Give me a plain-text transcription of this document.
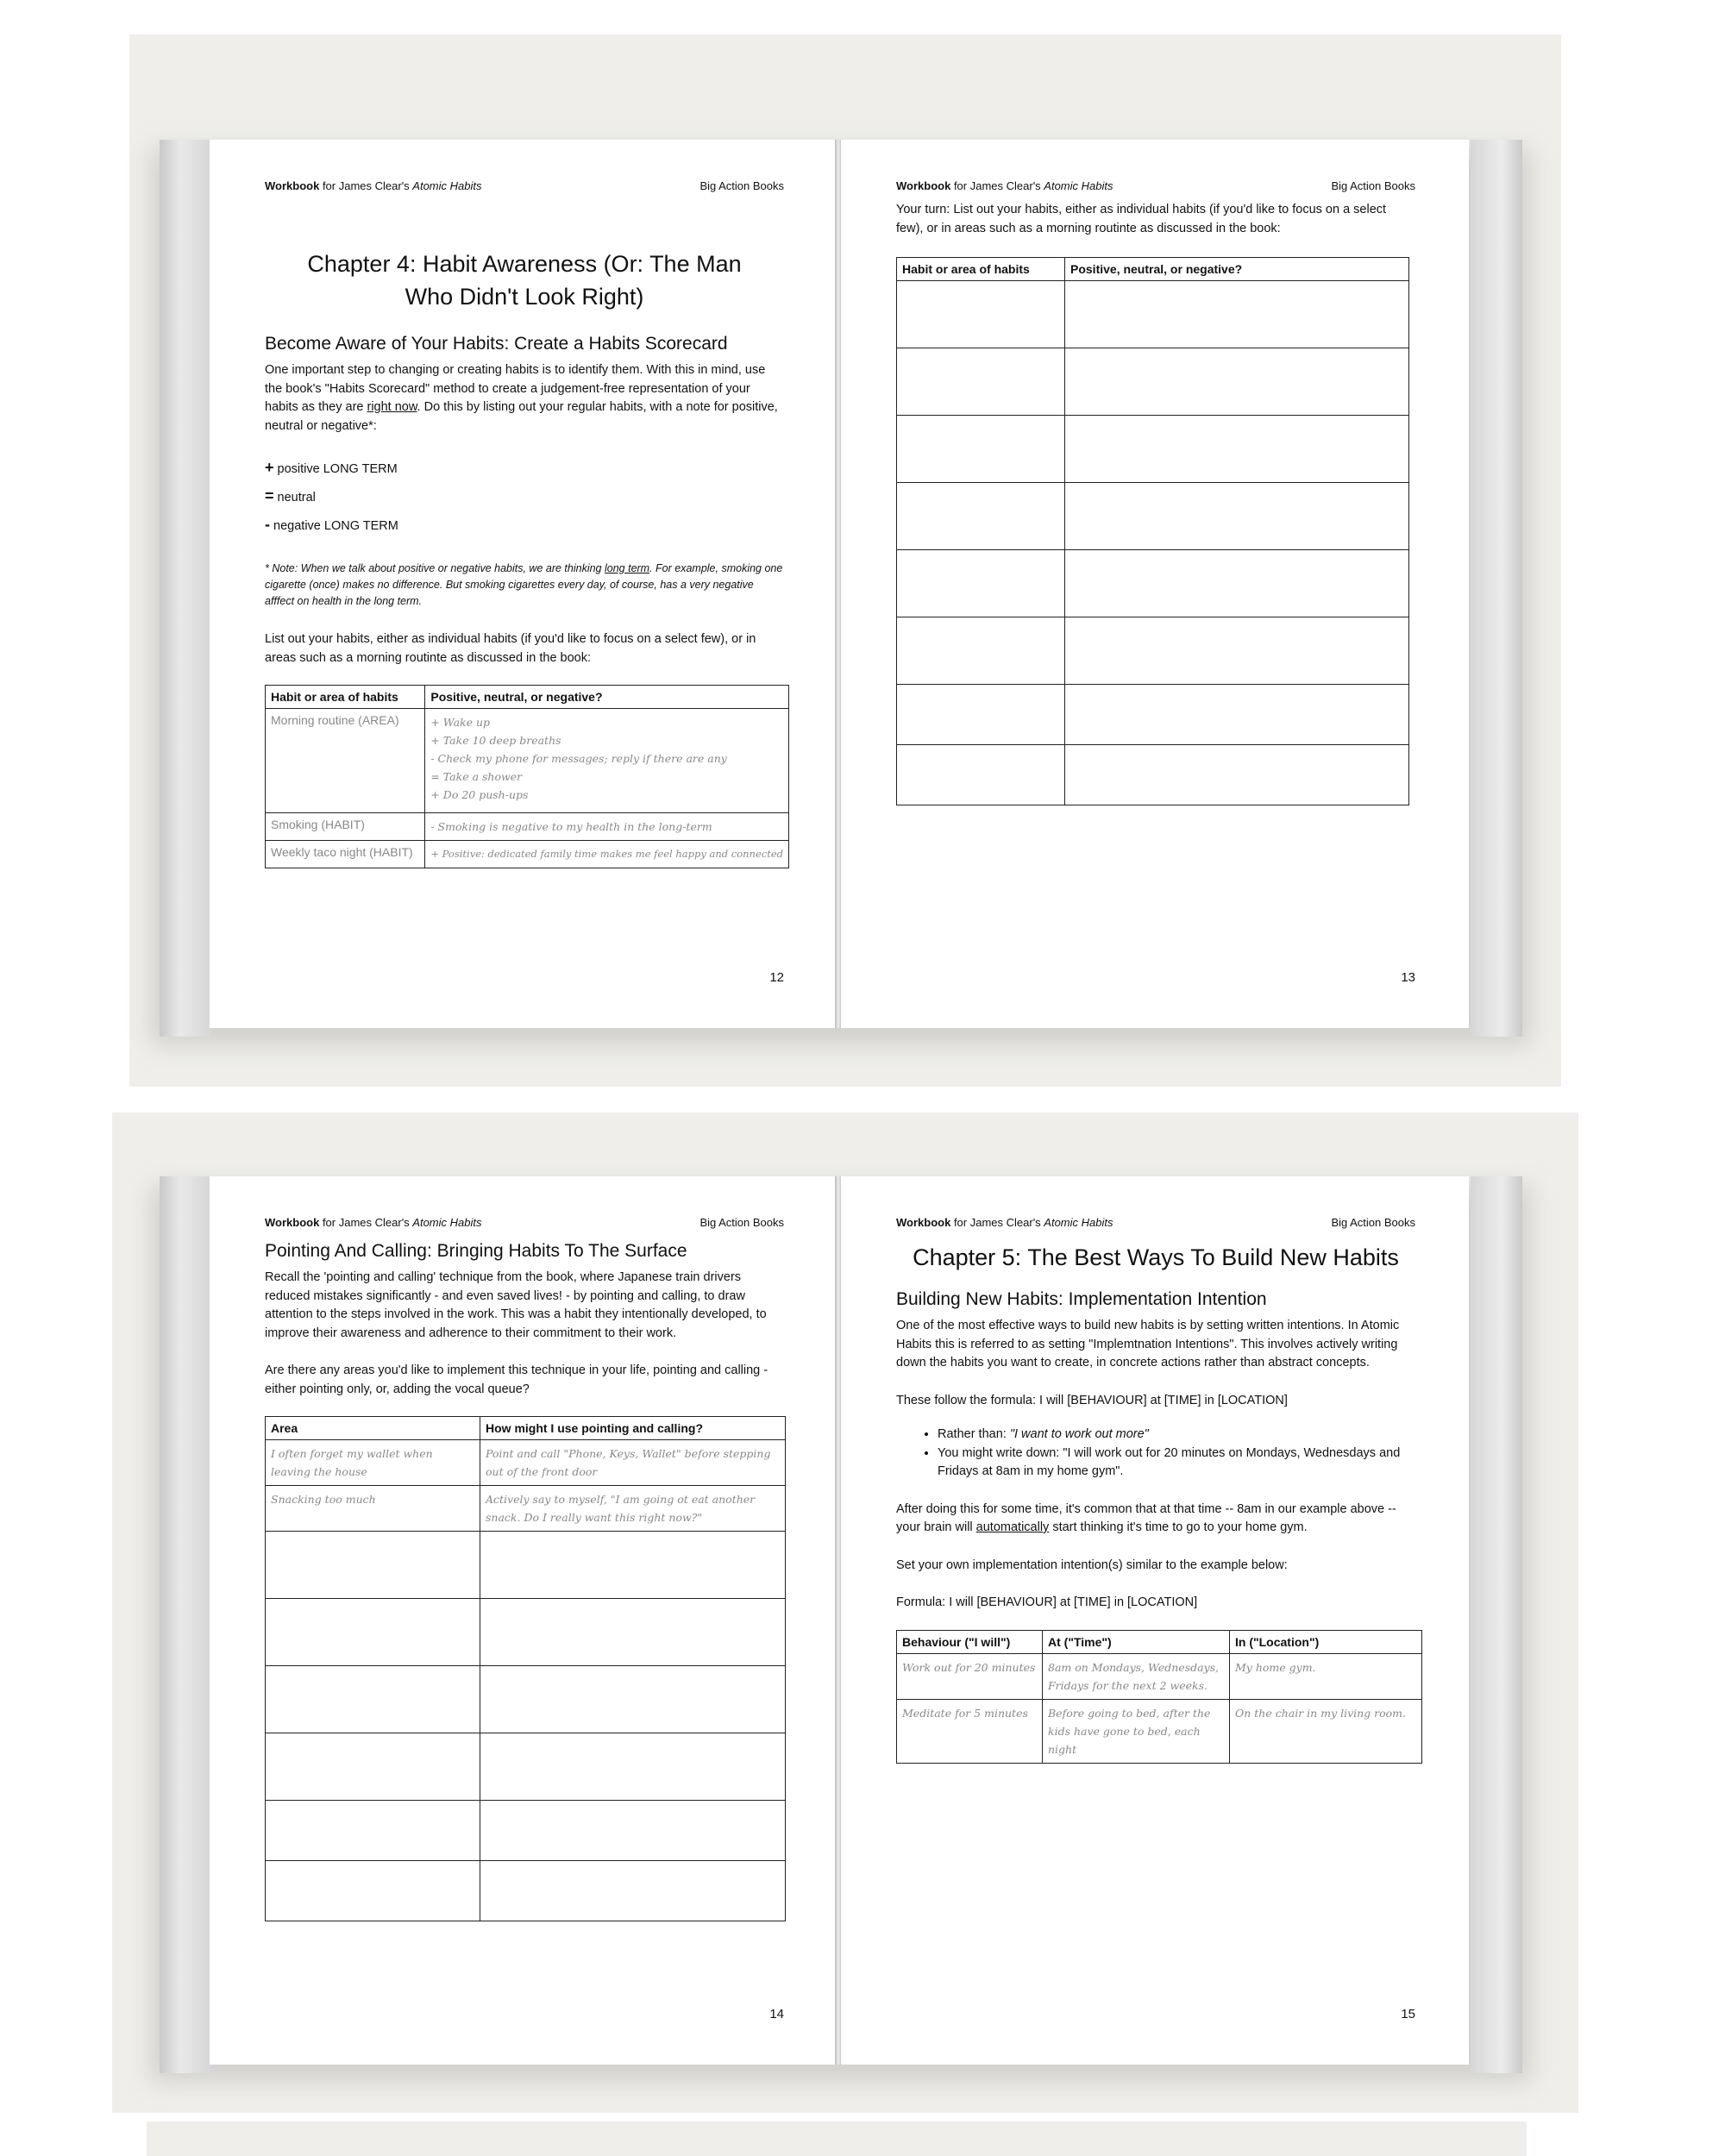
Workbook for James Clear's Atomic Habits	Big Action Books
Chapter 4: Habit Awareness (Or: The Man Who Didn't Look Right)
Become Aware of Your Habits: Create a Habits Scorecard

One important step to changing or creating habits is to identify them. With this in mind, use the book's "Habits Scorecard" method to create a judgement-free representation of your habits as they are right now. Do this by listing out your regular habits, with a note for positive, neutral or negative*:

+ positive LONG TERM
= neutral
- negative LONG TERM

* Note: When we talk about positive or negative habits, we are thinking long term. For example, smoking one cigarette (once) makes no difference. But smoking cigarettes every day, of course, has a very negative afffect on health in the long term.

List out your habits, either as individual habits (if you'd like to focus on a select few), or in areas such as a morning routinte as discussed in the book:

Habit or area of habits	Positive, neutral, or negative?
Morning routine (AREA)	+ Wake up
+ Take 10 deep breaths
- Check my phone for messages; reply if there are any
= Take a shower
+ Do 20 push-ups

Smoking (HABIT)	- Smoking is negative to my health in the long-term
Weekly taco night (HABIT)	+ Positive: dedicated family time makes me feel happy and connected
12
Workbook for James Clear's Atomic Habits	Big Action Books

Your turn: List out your habits, either as individual habits (if you'd like to focus on a select few), or in areas such as a morning routinte as discussed in the book:

Habit or area of habits	Positive, neutral, or negative?

13
Workbook for James Clear's Atomic Habits	Big Action Books
Pointing And Calling: Bringing Habits To The Surface

Recall the 'pointing and calling' technique from the book, where Japanese train drivers reduced mistakes significantly - and even saved lives! - by pointing and calling, to draw attention to the steps involved in the work. This was a habit they intentionally developed, to improve their awareness and adherence to their commitment to their work.

Are there any areas you'd like to implement this technique in your life, pointing and calling - either pointing only, or, adding the vocal queue?

Area	How might I use pointing and calling?
I often forget my wallet when leaving the house	Point and call "Phone, Keys, Wallet" before stepping out of the front door
Snacking too much	Actively say to myself, "I am going ot eat another snack. Do I really want this right now?"

14
Workbook for James Clear's Atomic Habits	Big Action Books
Chapter 5: The Best Ways To Build New Habits
Building New Habits: Implementation Intention

One of the most effective ways to build new habits is by setting written intentions. In Atomic Habits this is referred to as setting "Implemtnation Intentions". This involves actively writing down the habits you want to create, in concrete actions rather than abstract concepts.

These follow the formula: I will [BEHAVIOUR] at [TIME] in [LOCATION]

• Rather than: "I want to work out more"
• You might write down: "I will work out for 20 minutes on Mondays, Wednesdays and Fridays at 8am in my home gym".

After doing this for some time, it's common that at that time -- 8am in our example above -- your brain will automatically start thinking it's time to go to your home gym.

Set your own implementation intention(s) similar to the example below:

Formula: I will [BEHAVIOUR] at [TIME] in [LOCATION]

Behaviour ("I will")	At ("Time")	In ("Location")
Work out for 20 minutes	8am on Mondays, Wednesdays, Fridays for the next 2 weeks.	My home gym.
Meditate for 5 minutes	Before going to bed, after the kids have gone to bed, each night	On the chair in my living room.
15
